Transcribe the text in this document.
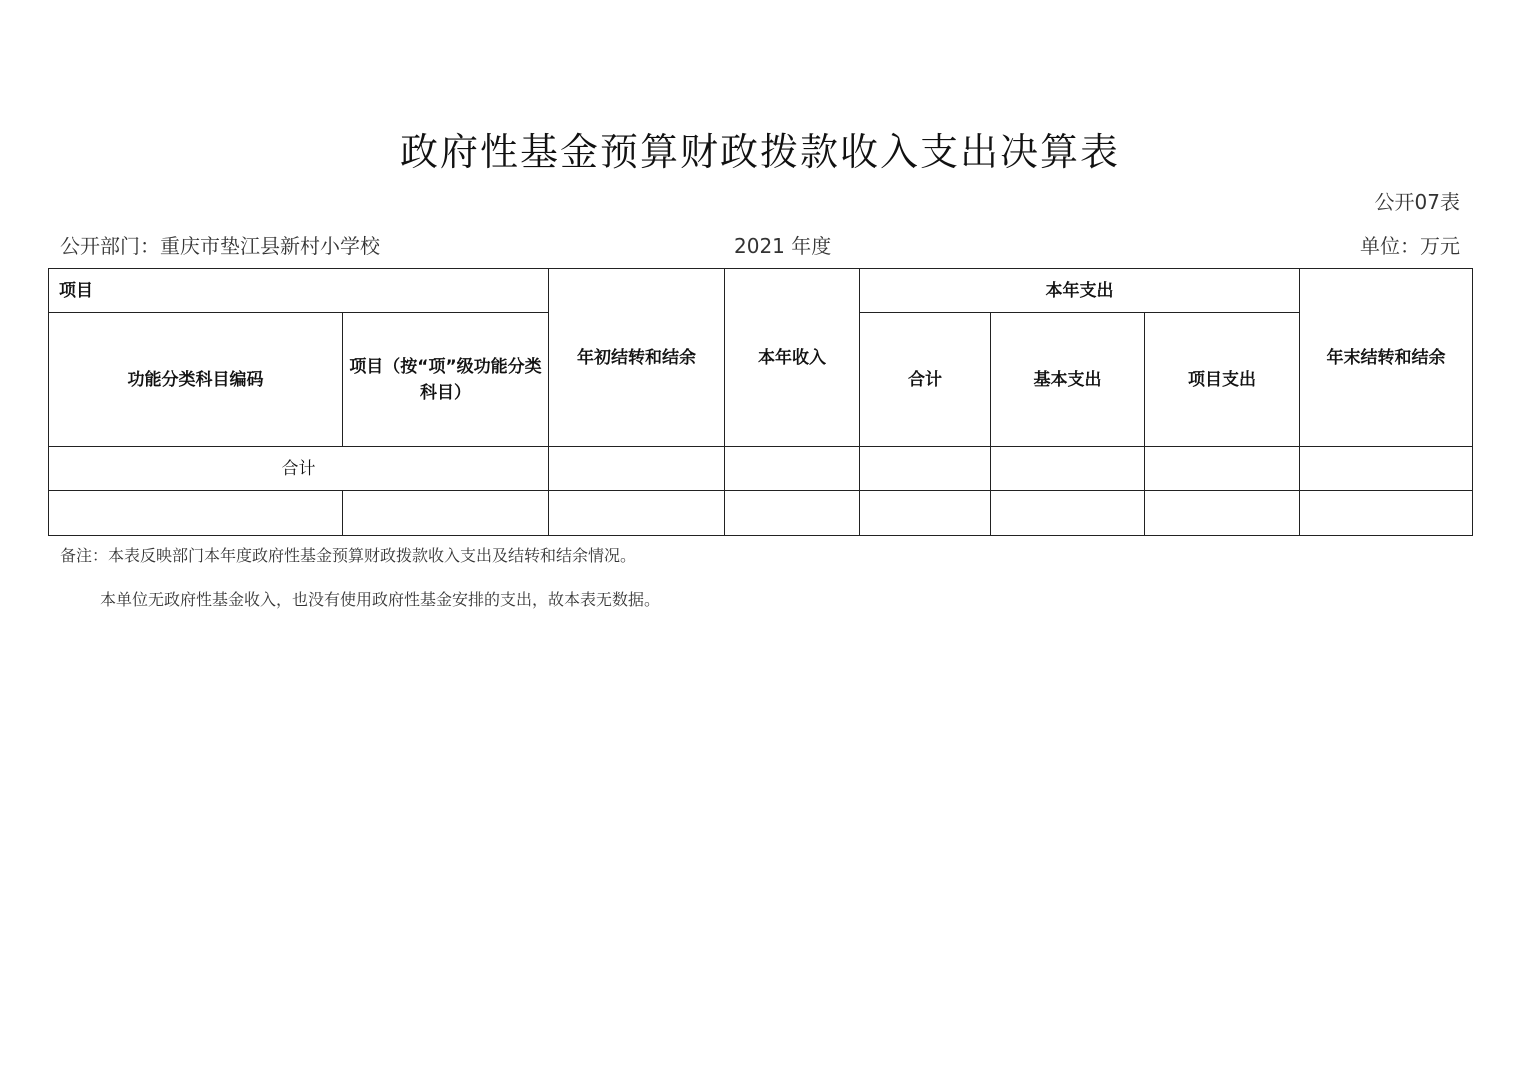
政府性基金预算财政拨款收入支出决算表
公开07表
公开部门：重庆市垫江县新村小学校	2021 年度	单位：万元
项目		年初结转和结余	本年收入	本年支出			年末结转和结余
功能分类科目编码	项目（按“项”级功能分类科目）			合计	基本支出	项目支出	
合计							

备注：本表反映部门本年度政府性基金预算财政拨款收入支出及结转和结余情况。
本单位无政府性基金收入，也没有使用政府性基金安排的支出，故本表无数据。
